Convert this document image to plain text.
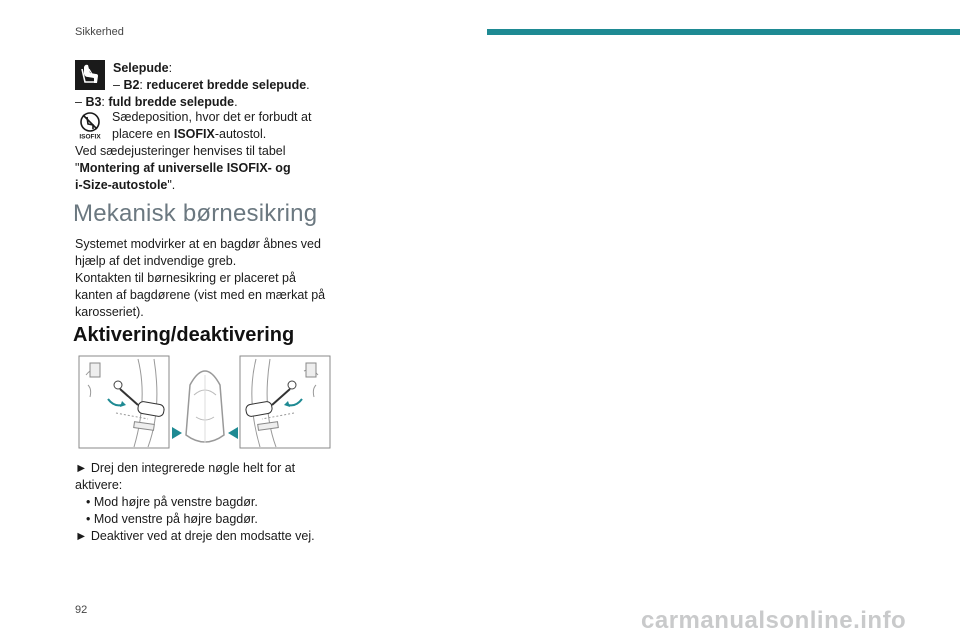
Sikkerhed
Selepude:
– B2: reduceret bredde selepude.
– B3: fuld bredde selepude.
ISOFIX
Sædeposition, hvor det er forbudt at
placere en ISOFIX-autostol.
Ved sædejusteringer henvises til tabel
"Montering af universelle ISOFIX- og
i-Size-autostole".
Mekanisk børnesikring
Systemet modvirker at en bagdør åbnes ved
hjælp af det indvendige greb.
Kontakten til børnesikring er placeret på
kanten af bagdørene (vist med en mærkat på
karosseriet).
Aktivering/deaktivering
► Drej den integrerede nøgle helt for at
aktivere:
• Mod højre på venstre bagdør.
• Mod venstre på højre bagdør.
► Deaktiver ved at dreje den modsatte vej.
92	carmanualsonline.info
